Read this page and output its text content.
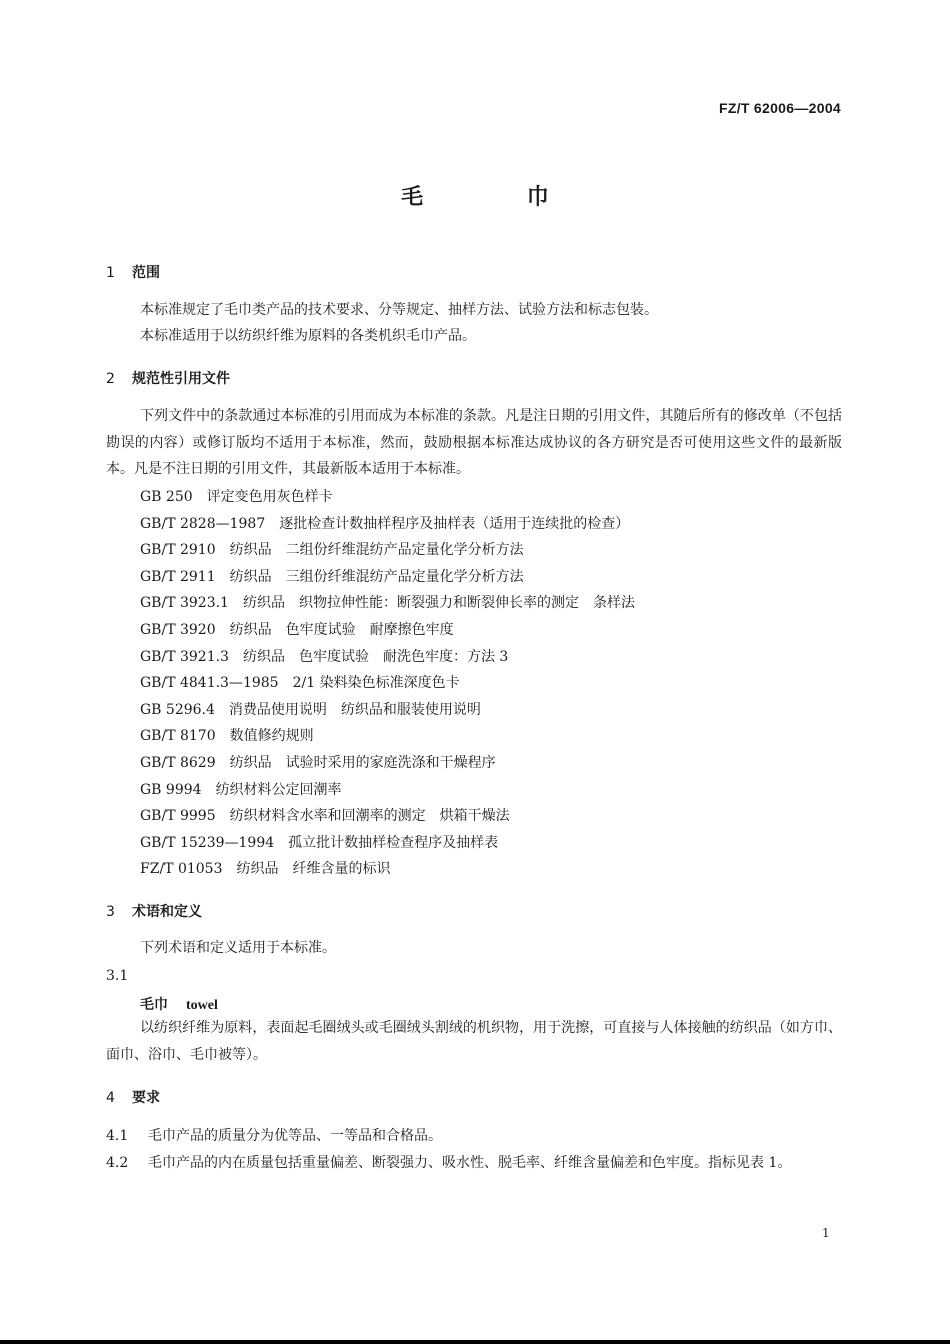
FZ/T 62006—2004
毛 巾
1 范围
本标准规定了毛巾类产品的技术要求、分等规定、抽样方法、试验方法和标志包装。
本标准适用于以纺织纤维为原料的各类机织毛巾产品。
2 规范性引用文件
下列文件中的条款通过本标准的引用而成为本标准的条款。凡是注日期的引用文件，其随后所有的修改单（不包括勘误的内容）或修订版均不适用于本标准，然而，鼓励根据本标准达成协议的各方研究是否可使用这些文件的最新版本。凡是不注日期的引用文件，其最新版本适用于本标准。
GB 250 评定变色用灰色样卡
GB/T 2828—1987 逐批检查计数抽样程序及抽样表（适用于连续批的检查）
GB/T 2910 纺织品　二组份纤维混纺产品定量化学分析方法
GB/T 2911 纺织品　三组份纤维混纺产品定量化学分析方法
GB/T 3923.1 纺织品　织物拉伸性能：断裂强力和断裂伸长率的测定　条样法
GB/T 3920 纺织品　色牢度试验　耐摩擦色牢度
GB/T 3921.3 纺织品　色牢度试验　耐洗色牢度：方法 3
GB/T 4841.3—1985 2/1 染料染色标准深度色卡
GB 5296.4 消费品使用说明　纺织品和服装使用说明
GB/T 8170 数值修约规则
GB/T 8629 纺织品　试验时采用的家庭洗涤和干燥程序
GB 9994 纺织材料公定回潮率
GB/T 9995 纺织材料含水率和回潮率的测定　烘箱干燥法
GB/T 15239—1994 孤立批计数抽样检查程序及抽样表
FZ/T 01053 纺织品　纤维含量的标识
3 术语和定义
下列术语和定义适用于本标准。
3.1
毛巾 towel
以纺织纤维为原料，表面起毛圈绒头或毛圈绒头割绒的机织物，用于洗擦，可直接与人体接触的纺织品（如方巾、面巾、浴巾、毛巾被等）。
4 要求
4.1 毛巾产品的质量分为优等品、一等品和合格品。
4.2 毛巾产品的内在质量包括重量偏差、断裂强力、吸水性、脱毛率、纤维含量偏差和色牢度。指标见表 1。
1
